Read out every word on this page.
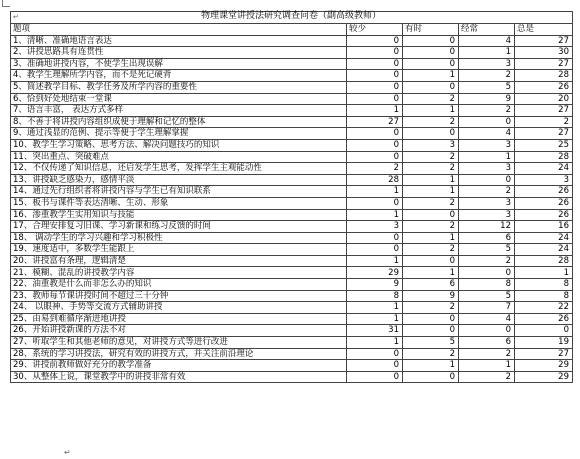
↵				
题项	较少	有时	经常	总是
1、清晰、准确地语言表达	0	0	4	27
2、讲授思路具有连贯性	0	0	1	30
3、准确地讲授内容，不使学生出现误解	0	0	3	27
4、教学生理解所学内容，而不是死记硬背	0	1	2	28
5、简述教学目标、教学任务及所学内容的重要性	0	0	5	26
6、恰到好处地结束一堂课	0	2	9	20
7、语言丰富， 表达方式多样	1	1	2	27
8、不善于将讲授内容组织成便于理解和记忆的整体	27	2	0	2
9、通过浅显的范例、提示等便于学生理解掌握	0	0	4	27
10、教学生学习策略、思考方法、解决问题技巧的知识	0	3	3	25
11、突出重点、突破难点	0	2	1	28
12、不仅传递了知识信息，还启发学生思考，发挥学生主观能动性	2	2	3	24
13、讲授缺乏感染力，感情平淡	28	1	0	3
14、通过先行组织者将讲授内容与学生已有知识联系	1	1	2	26
15、板书与课件等表达清晰、生动、形象	0	2	3	26
16、渗重教学生实用知识与技能	1	0	3	26
17、合理安排复习旧课、学习新课和练习反馈的时间	3	2	12	16
18、 调动学生的学习兴趣和学习积极性	0	1	6	24
19、速度适中，多数学生能跟上	0	2	5	24
20、讲授富有条理，逻辑清楚	1	0	2	28
21、模糊、混乱的讲授教学内容	29	1	0	1
22、油重教是什么而非怎么办的知识	9	6	8	8
23、教师每节课讲授时间不超过三十分钟	8	9	5	8
24、 以眼神、手势等交流方式辅助讲授	1	2	7	22
25、由易到难循序渐进地讲授	1	0	4	26
26、开始讲授新课的方法不对	31	0	0	0
27、听取学生和其他老师的意见，对讲授方式等进行改进	1	5	6	19
28、系统的学习讲授法，研究有效的讲授方式，并关注前沿理论	0	2	2	27
29、讲授前教师做好充分的教学准备	0	1	1	29
30、从整体上说，课堂教学中的讲授非常有效	0	0	2	29
物理课堂讲授法研究调查问卷（副高级教师）
↵
